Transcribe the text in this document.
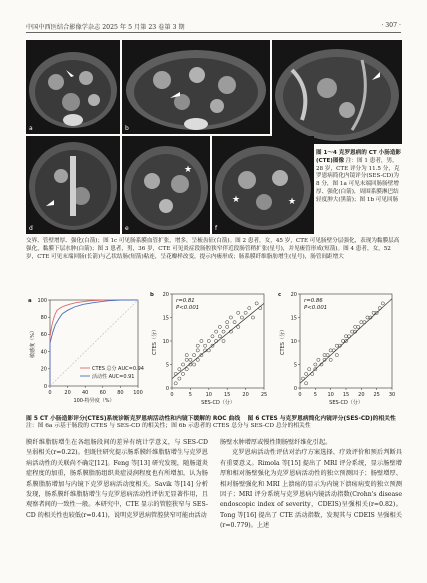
中国中西医结合影像学杂志 2025 年 5 月第 23 卷第 3 期	· 307 ·
a	b
d
★
e
★	★
f
图 1～4 克罗恩病的 CT 小肠造影(CTE)图像 注：图 1 患者，男，28 岁，CTE 评分为 11.5 分，克罗恩病简化内镜评分(SES-CD)为 8 分，图 1a 可见末端回肠肠壁增厚、强化(白箭)，周围系膜淋巴结轻度肿大(黑箭)；图 1b 可见回肠
交界、管壁增厚、强化(白箭)；图 1c 可见肠系膜血管扩张，增多，呈梳齿征(白箭)。图 2 患者，女，45 岁，CTE 可见肠壁分层强化，表现为黏膜层高强化，黏膜下层水肿(白箭)；图 3 患者，男，36 岁，CTE 可见炎症段肠腔狭窄伴近段肠管稍扩张(星号)，并见瘘管形成(短箭)。图 4 患者，女，52 岁，CTE 可见末端回肠(长箭)与乙状结肠(短箭)粘连，呈花瓣样改变，提示内瘘形成；肠系膜纤维脂肪增生(星号)，肠管间距增大
0	20 40 60 80 100
0
20
40
60
80
100
100-特异度（%）
敏感度（%）
CTES 总分 AUC=0.94
活动性 AUC=0.91
a
0	5	10 15 20 25
0
5
10
15
20
SES-CD（分）
CTES（分）
r=0.81
P<0.001
b
0 5 10 15 20 25 30
0
5
10
15
20
SES-CD（分）
CTES（分）
r=0.86
P<0.001
c
图 5 CT 小肠造影评分(CTES)系统诊断克罗恩病活动性和内镜下缓解的 ROC 曲线 图 6 CTES 与克罗恩病简化内镜评分(SES-CD)的相关性 注：图 6a 示基于肠段的 CTES 与 SES-CD 的相关性；图 6b 示患者的 CTES 总分与 SES-CD 总分的相关性

膜纤维脂肪增生在各组肠段间的差异有统计学意义，与 SES-CD 呈弱相关(r=0.22)。但既往研究提示肠系膜纤维脂肪增生与克罗恩病活动性的关联尚不确定[12]。Feng 等[13] 研究发现，随肠道炎症程度的加重，肠系膜脂肪组织炎症浸润程度也有所增加，认为肠系膜脂肪增加与内镜下克罗恩病活动度相关。Savik 等[14] 分析发现，肠系膜纤维脂肪增生与克罗恩病活动性评估无显著作用，且观察者间的一致性一般。本研究中，CTE 显示的管腔狭窄与 SES-CD 的相关性也较低(r=0.41)，说明克罗恩病管腔狭窄可能由活动

肠壁水肿增厚或慢性期肠壁纤维化引起。

克罗恩病活动性评估对治疗方案选择、疗效评价和预后判断具有重要意义。Rimola 等[15] 提出了 MRI 评分系统，显示肠壁增厚和相对肠壁强化为克罗恩病活动性的独立预测因子；肠壁增厚、相对肠壁强化和 MRI 上溃疡的显示为内镜下溃疡病变的独立预测因子；MRI 评分系统与克罗恩病内镜活动指数(Crohn's disease endoscopic index of severity，CDEIS)呈强相关(r=0.82)。Tong 等[16] 提出了 CTE 活动指数，发现其与 CDEIS 呈强相关(r=0.779)。上述
